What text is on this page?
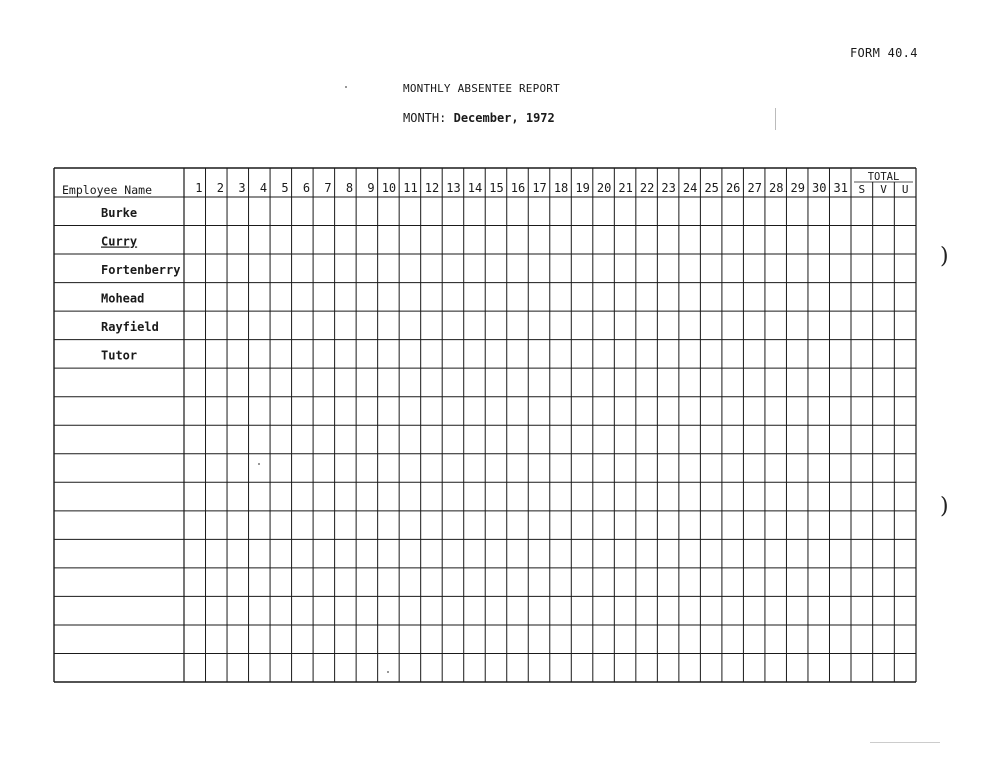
FORM 40.4
MONTHLY ABSENTEE REPORT
MONTH: December, 1972
Employee Name	1 2 3 4 5 6 7 8 9 10 11 12 13 14 15 16 17 18 19 20 21 22 23 24 25 26 27 28 29 30 31
TOTAL
S V U
Burke
Curry
Fortenberry
Mohead
Rayfield
Tutor
)
)
